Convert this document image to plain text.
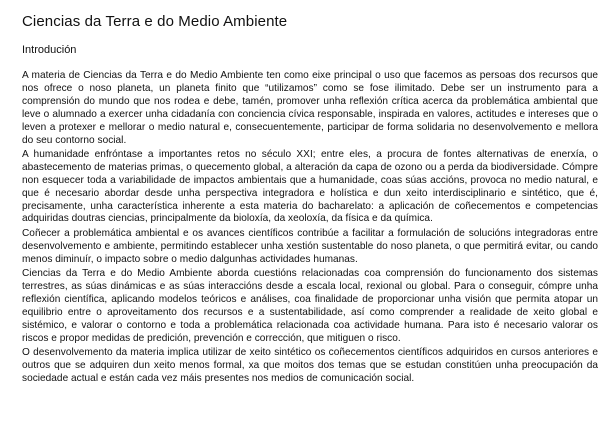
Ciencias da Terra e do Medio Ambiente
Introdución

A materia de Ciencias da Terra e do Medio Ambiente ten como eixe principal o uso que facemos as persoas dos recursos que nos ofrece o noso planeta, un planeta finito que “utilizamos” como se fose ilimitado. Debe ser un instrumento para a comprensión do mundo que nos rodea e debe, tamén, promover unha reflexión crítica acerca da problemática ambiental que leve o alumnado a exercer unha cidadanía con conciencia cívica responsable, inspirada en valores, actitudes e intereses que o leven a protexer e mellorar o medio natural e, consecuentemente, participar de forma solidaria no desenvolvemento e mellora do seu contorno social.

A humanidade enfróntase a importantes retos no século XXI; entre eles, a procura de fontes alternativas de enerxía, o abastecemento de materias primas, o quecemento global, a alteración da capa de ozono ou a perda da biodiversidade. Cómpre non esquecer toda a variabilidade de impactos ambientais que a humanidade, coas súas accións, provoca no medio natural, e que é necesario abordar desde unha perspectiva integradora e holística e dun xeito interdisciplinario e sintético, que é, precisamente, unha característica inherente a esta materia do bacharelato: a aplicación de coñecementos e competencias adquiridas doutras ciencias, principalmente da bioloxía, da xeoloxía, da física e da química.

Coñecer a problemática ambiental e os avances científicos contribúe a facilitar a formulación de solucións integradoras entre desenvolvemento e ambiente, permitindo establecer unha xestión sustentable do noso planeta, o que permitirá evitar, ou cando menos diminuír, o impacto sobre o medio dalgunhas actividades humanas.

Ciencias da Terra e do Medio Ambiente aborda cuestións relacionadas coa comprensión do funcionamento dos sistemas terrestres, as súas dinámicas e as súas interaccións desde a escala local, rexional ou global. Para o conseguir, cómpre unha reflexión científica, aplicando modelos teóricos e análises, coa finalidade de proporcionar unha visión que permita atopar un equilibrio entre o aproveitamento dos recursos e a sustentabilidade, así como comprender a realidade de xeito global e sistémico, e valorar o contorno e toda a problemática relacionada coa actividade humana. Para isto é necesario valorar os riscos e propor medidas de predición, prevención e corrección, que mitiguen o risco.

O desenvolvemento da materia implica utilizar de xeito sintético os coñecementos científicos adquiridos en cursos anteriores e outros que se adquiren dun xeito menos formal, xa que moitos dos temas que se estudan constitúen unha preocupación da sociedade actual e están cada vez máis presentes nos medios de comunicación social.
